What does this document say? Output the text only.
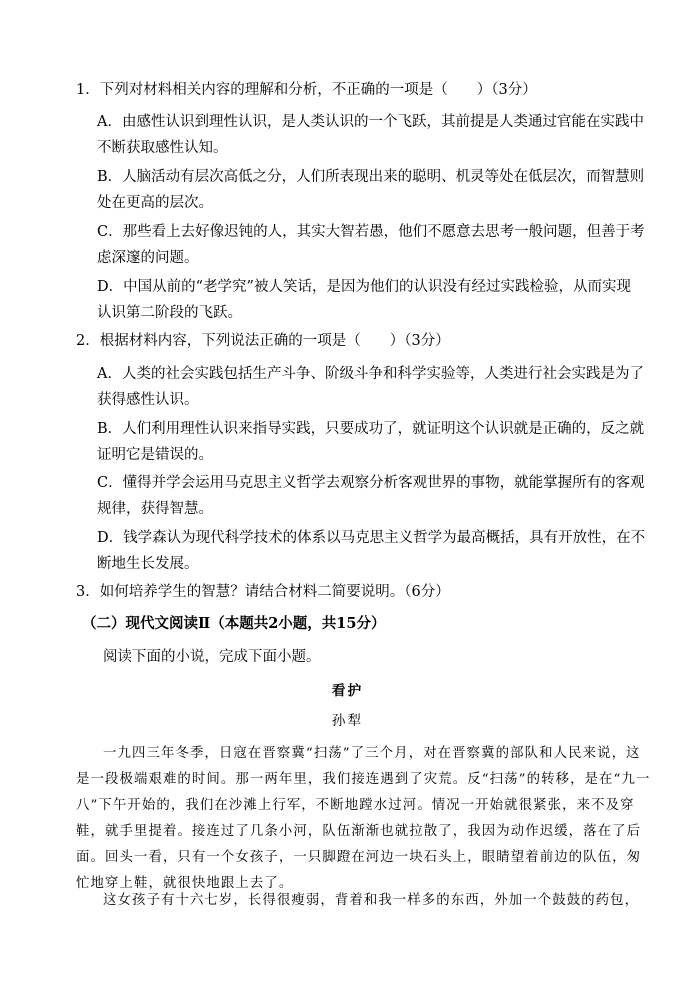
1．下列对材料相关内容的理解和分析，不正确的一项是（　　）（3分）
A．由感性认识到理性认识，是人类认识的一个飞跃，其前提是人类通过官能在实践中
不断获取感性认知。
B．人脑活动有层次高低之分，人们所表现出来的聪明、机灵等处在低层次，而智慧则
处在更高的层次。
C．那些看上去好像迟钝的人，其实大智若愚，他们不愿意去思考一般问题，但善于考
虑深邃的问题。
D．中国从前的“老学究”被人笑话，是因为他们的认识没有经过实践检验，从而实现
认识第二阶段的飞跃。
2．根据材料内容，下列说法正确的一项是（　　）（3分）
A．人类的社会实践包括生产斗争、阶级斗争和科学实验等，人类进行社会实践是为了
获得感性认识。
B．人们利用理性认识来指导实践，只要成功了，就证明这个认识就是正确的，反之就
证明它是错误的。
C．懂得并学会运用马克思主义哲学去观察分析客观世界的事物，就能掌握所有的客观
规律，获得智慧。
D．钱学森认为现代科学技术的体系以马克思主义哲学为最高概括，具有开放性，在不
断地生长发展。
3．如何培养学生的智慧？请结合材料二简要说明。（6分）
（二）现代文阅读Ⅱ（本题共2小题，共15分）
阅读下面的小说，完成下面小题。
看护
孙犁
一九四三年冬季，日寇在晋察冀“扫荡”了三个月，对在晋察冀的部队和人民来说，这
是一段极端艰难的时间。那一两年里，我们接连遇到了灾荒。反“扫荡”的转移，是在“九一
八”下午开始的，我们在沙滩上行军，不断地蹚水过河。情况一开始就很紧张，来不及穿
鞋，就手里提着。接连过了几条小河，队伍渐渐也就拉散了，我因为动作迟缓，落在了后
面。回头一看，只有一个女孩子，一只脚蹬在河边一块石头上，眼睛望着前边的队伍，匆
忙地穿上鞋，就很快地跟上去了。
这女孩子有十六七岁，长得很瘦弱，背着和我一样多的东西，外加一个鼓鼓的药包，
